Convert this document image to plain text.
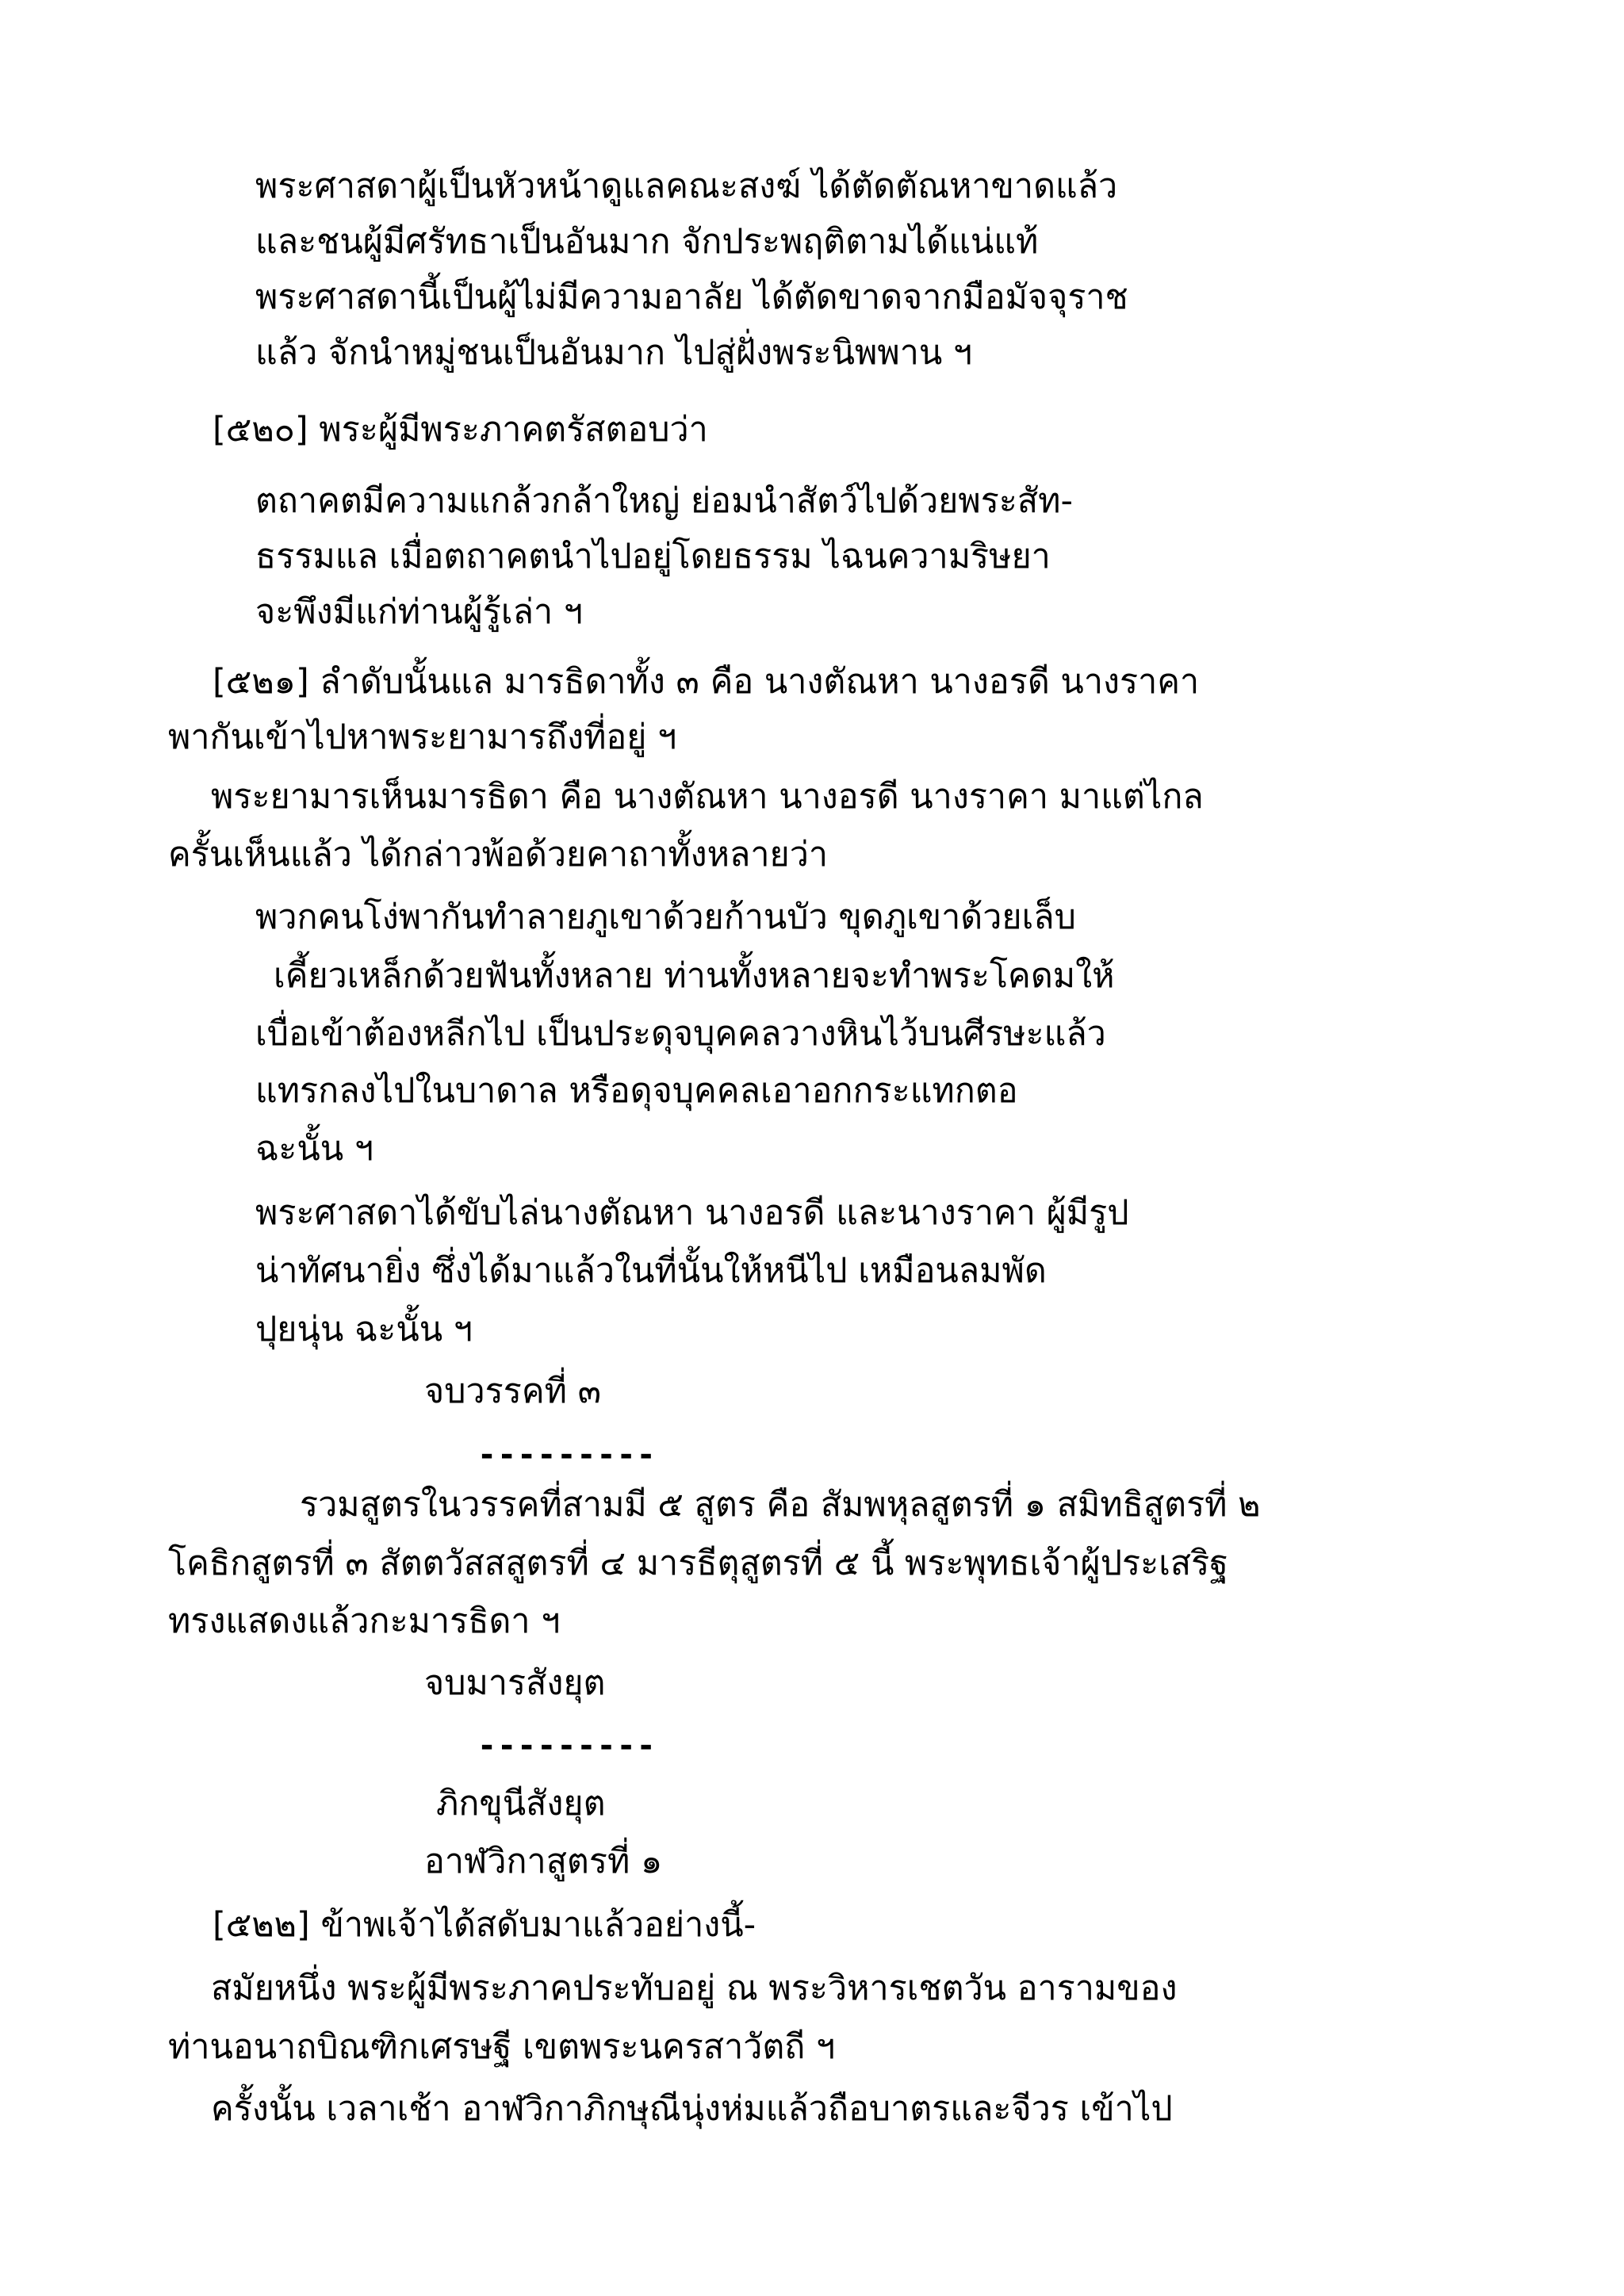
พระศาสดาผู้เป็นหัวหน้าดูแลคณะสงฆ์ ได้ตัดตัณหาขาดแล้ว
และชนผู้มีศรัทธาเป็นอันมาก จักประพฤติตามได้แน่แท้
พระศาสดานี้เป็นผู้ไม่มีความอาลัย ได้ตัดขาดจากมือมัจจุราช
แล้ว จักนำหมู่ชนเป็นอันมาก ไปสู่ฝั่งพระนิพพาน ฯ
[๕๒๐] พระผู้มีพระภาคตรัสตอบว่า
ตถาคตมีความแกล้วกล้าใหญ่ ย่อมนำสัตว์ไปด้วยพระสัท-
ธรรมแล เมื่อตถาคตนำไปอยู่โดยธรรม ไฉนความริษยา
จะพึงมีแก่ท่านผู้รู้เล่า ฯ
[๕๒๑] ลำดับนั้นแล มารธิดาทั้ง ๓ คือ นางตัณหา นางอรดี นางราคา
พากันเข้าไปหาพระยามารถึงที่อยู่ ฯ
พระยามารเห็นมารธิดา คือ นางตัณหา นางอรดี นางราคา มาแต่ไกล
ครั้นเห็นแล้ว ได้กล่าวพ้อด้วยคาถาทั้งหลายว่า
พวกคนโง่พากันทำลายภูเขาด้วยก้านบัว ขุดภูเขาด้วยเล็บ
เคี้ยวเหล็กด้วยฟันทั้งหลาย ท่านทั้งหลายจะทำพระโคดมให้
เบื่อเข้าต้องหลีกไป เป็นประดุจบุคคลวางหินไว้บนศีรษะแล้ว
แทรกลงไปในบาดาล หรือดุจบุคคลเอาอกกระแทกตอ
ฉะนั้น ฯ
พระศาสดาได้ขับไล่นางตัณหา นางอรดี และนางราคา ผู้มีรูป
น่าทัศนายิ่ง ซึ่งได้มาแล้วในที่นั้นให้หนีไป เหมือนลมพัด
ปุยนุ่น ฉะนั้น ฯ
จบวรรคที่ ๓
---------
รวมสูตรในวรรคที่สามมี ๕ สูตร คือ สัมพหุลสูตรที่ ๑ สมิทธิสูตรที่ ๒
โคธิกสูตรที่ ๓ สัตตวัสสสูตรที่ ๔ มารธีตุสูตรที่ ๕ นี้ พระพุทธเจ้าผู้ประเสริฐ
ทรงแสดงแล้วกะมารธิดา ฯ
จบมารสังยุต
---------
ภิกขุนีสังยุต
อาฬวิกาสูตรที่ ๑
[๕๒๒] ข้าพเจ้าได้สดับมาแล้วอย่างนี้-
สมัยหนึ่ง พระผู้มีพระภาคประทับอยู่ ณ พระวิหารเชตวัน อารามของ
ท่านอนาถบิณฑิกเศรษฐี เขตพระนครสาวัตถี ฯ
ครั้งนั้น เวลาเช้า อาฬวิกาภิกษุณีนุ่งห่มแล้วถือบาตรและจีวร เข้าไป
